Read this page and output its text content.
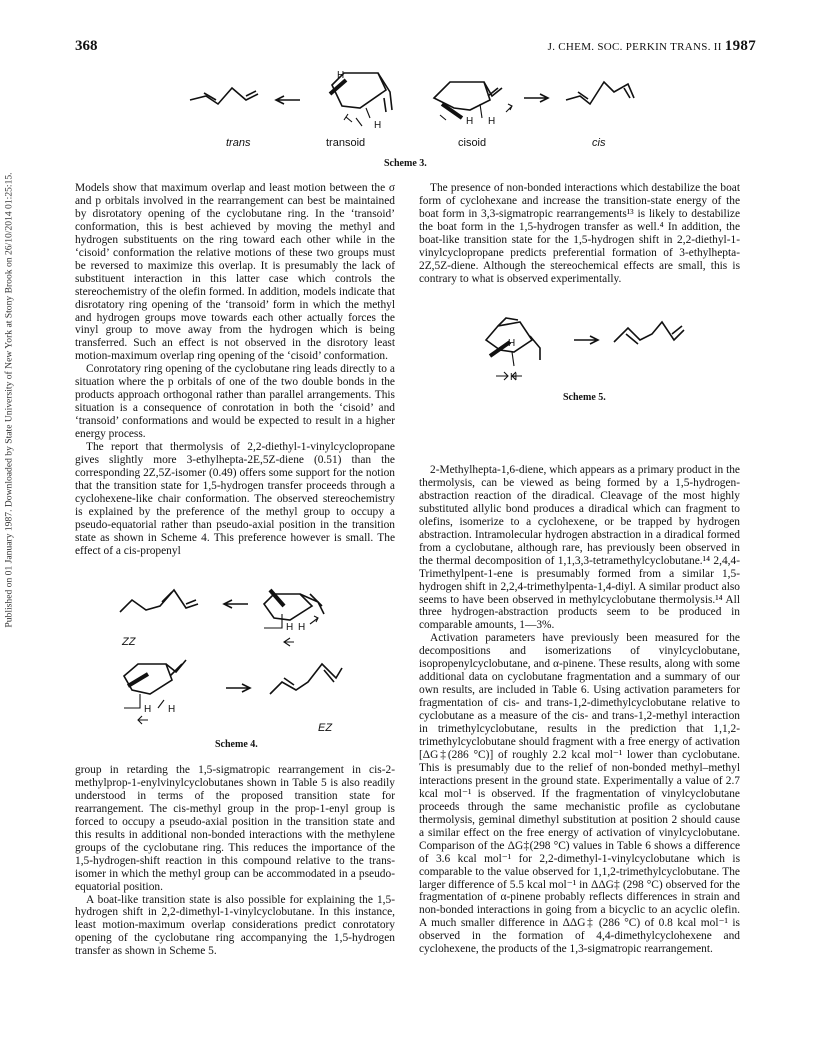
368	J. CHEM. SOC. PERKIN TRANS. II 1987
Published on 01 January 1987. Downloaded by State University of New York at Stony Brook on 26/10/2014 01:25:15.
H
H	H H
trans	transoid	cisoid	cis
Scheme 3.

Models show that maximum overlap and least motion between the σ and p orbitals involved in the rearrangement can best be maintained by disrotatory opening of the cyclobutane ring. In the ‘transoid’ conformation, this is best achieved by moving the methyl and hydrogen substituents on the ring toward each other while in the ‘cisoid’ conformation the relative motions of these two groups must be reversed to maximize this overlap. It is presumably the lack of substituent interaction in this latter case which controls the stereochemistry of the olefin formed. In addition, models indicate that disrotatory ring opening of the ‘transoid’ form in which the methyl and hydrogen groups move towards each other actually forces the vinyl group to move away from the hydrogen which is being transferred. Such an effect is not observed in the disrotory least motion-maximum overlap ring opening of the ‘cisoid’ conformation.

Conrotatory ring opening of the cyclobutane ring leads directly to a situation where the p orbitals of one of the two double bonds in the products approach orthogonal rather than parallel arrangements. This situation is a consequence of conrotation in both the ‘cisoid’ and ‘transoid’ conformations and would be expected to result in a higher energy process.

The report that thermolysis of 2,2-diethyl-1-vinylcyclopropane gives slightly more 3-ethylhepta-2E,5Z-diene (0.51) than the corresponding 2Z,5Z-isomer (0.49) offers some support for the notion that the transition state for 1,5-hydrogen transfer proceeds through a cyclohexene-like chair conformation. The observed stereochemistry is explained by the preference of the methyl group to occupy a pseudo-equatorial rather than pseudo-axial position in the transition state as shown in Scheme 4. This preference however is small. The effect of a cis-propenyl

H H
H H
ZZ
EZ
Scheme 4.

group in retarding the 1,5-sigmatropic rearrangement in cis-2-methylprop-1-enylvinylcyclobutanes shown in Table 5 is also readily understood in terms of the proposed transition state for rearrangement. The cis-methyl group in the prop-1-enyl group is forced to occupy a pseudo-axial position in the transition state and this results in additional non-bonded interactions with the methylene groups of the cyclobutane ring. This reduces the importance of the 1,5-hydrogen-shift reaction in this compound relative to the trans-isomer in which the methyl group can be accommodated in a pseudo-equatorial position.

A boat-like transition state is also possible for explaining the 1,5-hydrogen shift in 2,2-dimethyl-1-vinylcyclobutane. In this instance, least motion-maximum overlap considerations predict conrotatory opening of the cyclobutane ring accompanying the 1,5-hydrogen transfer as shown in Scheme 5.

The presence of non-bonded interactions which destabilize the boat form of cyclohexane and increase the transition-state energy of the boat form in 3,3-sigmatropic rearrangements¹³ is likely to destabilize the boat form in the 1,5-hydrogen transfer as well.⁴ In addition, the boat-like transition state for the 1,5-hydrogen shift in 2,2-diethyl-1-vinylcyclopropane predicts preferential formation of 3-ethylhepta-2Z,5Z-diene. Although the stereochemical effects are small, this is contrary to what is observed experimentally.

H
H
Scheme 5.

2-Methylhepta-1,6-diene, which appears as a primary product in the thermolysis, can be viewed as being formed by a 1,5-hydrogen-abstraction reaction of the diradical. Cleavage of the most highly substituted allylic bond produces a diradical which can fragment to olefins, isomerize to a cyclohexene, or be trapped by hydrogen abstraction. Intramolecular hydrogen abstraction in a diradical formed from a cyclobutane, although rare, has previously been observed in the thermal decomposition of 1,1,3,3-tetramethylcyclobutane.¹⁴ 2,4,4-Trimethylpent-1-ene is presumably formed from a similar 1,5-hydrogen shift in 2,2,4-trimethylpenta-1,4-diyl. A similar product also seems to have been observed in methylcyclobutane thermolysis.¹⁴ All three hydrogen-abstraction products seem to be produced in comparable amounts, 1—3%.

Activation parameters have previously been measured for the decompositions and isomerizations of vinylcyclobutane, isopropenylcyclobutane, and α-pinene. These results, along with some additional data on cyclobutane fragmentation and a summary of our own results, are included in Table 6. Using activation parameters for fragmentation of cis- and trans-1,2-dimethylcyclobutane relative to cyclobutane as a measure of the cis- and trans-1,2-methyl interaction in trimethylcyclobutane, results in the prediction that 1,1,2-trimethylcyclobutane should fragment with a free energy of activation [ΔG‡(286 °C)] of roughly 2.2 kcal mol⁻¹ lower than cyclobutane. This is presumably due to the relief of non-bonded methyl–methyl interactions present in the ground state. Experimentally a value of 2.7 kcal mol⁻¹ is observed. If the fragmentation of vinylcyclobutane proceeds through the same mechanistic profile as cyclobutane thermolysis, geminal dimethyl substitution at position 2 should cause a similar effect on the free energy of activation of vinylcyclobutane. Comparison of the ΔG‡(298 °C) values in Table 6 shows a difference of 3.6 kcal mol⁻¹ for 2,2-dimethyl-1-vinylcyclobutane which is comparable to the value observed for 1,1,2-trimethylcyclobutane. The larger difference of 5.5 kcal mol⁻¹ in ΔΔG‡ (298 °C) observed for the fragmentation of α-pinene probably reflects differences in strain and non-bonded interactions in going from a bicyclic to an acyclic olefin. A much smaller difference in ΔΔG‡ (286 °C) of 0.8 kcal mol⁻¹ is observed in the formation of 4,4-dimethylcyclohexene and cyclohexene, the products of the 1,3-sigmatropic rearrangement.
